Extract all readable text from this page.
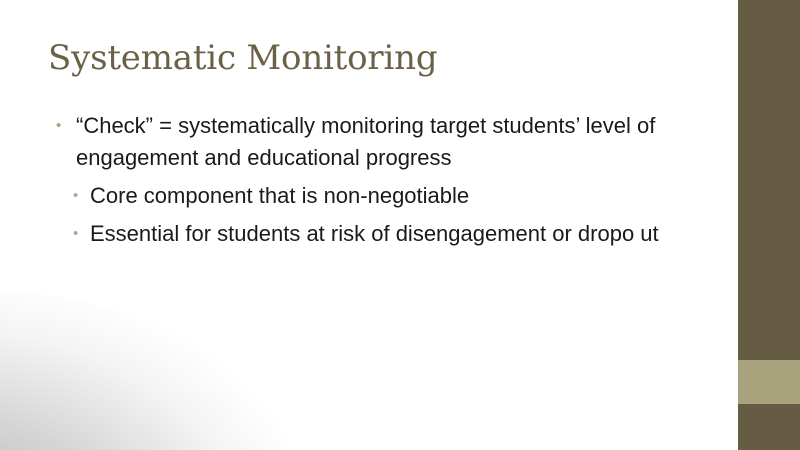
Systematic Monitoring

• “Check” = systematically monitoring target students’ level of engagement and educational progress

• Core component that is non-negotiable

• Essential for students at risk of disengagement or dropo ut
